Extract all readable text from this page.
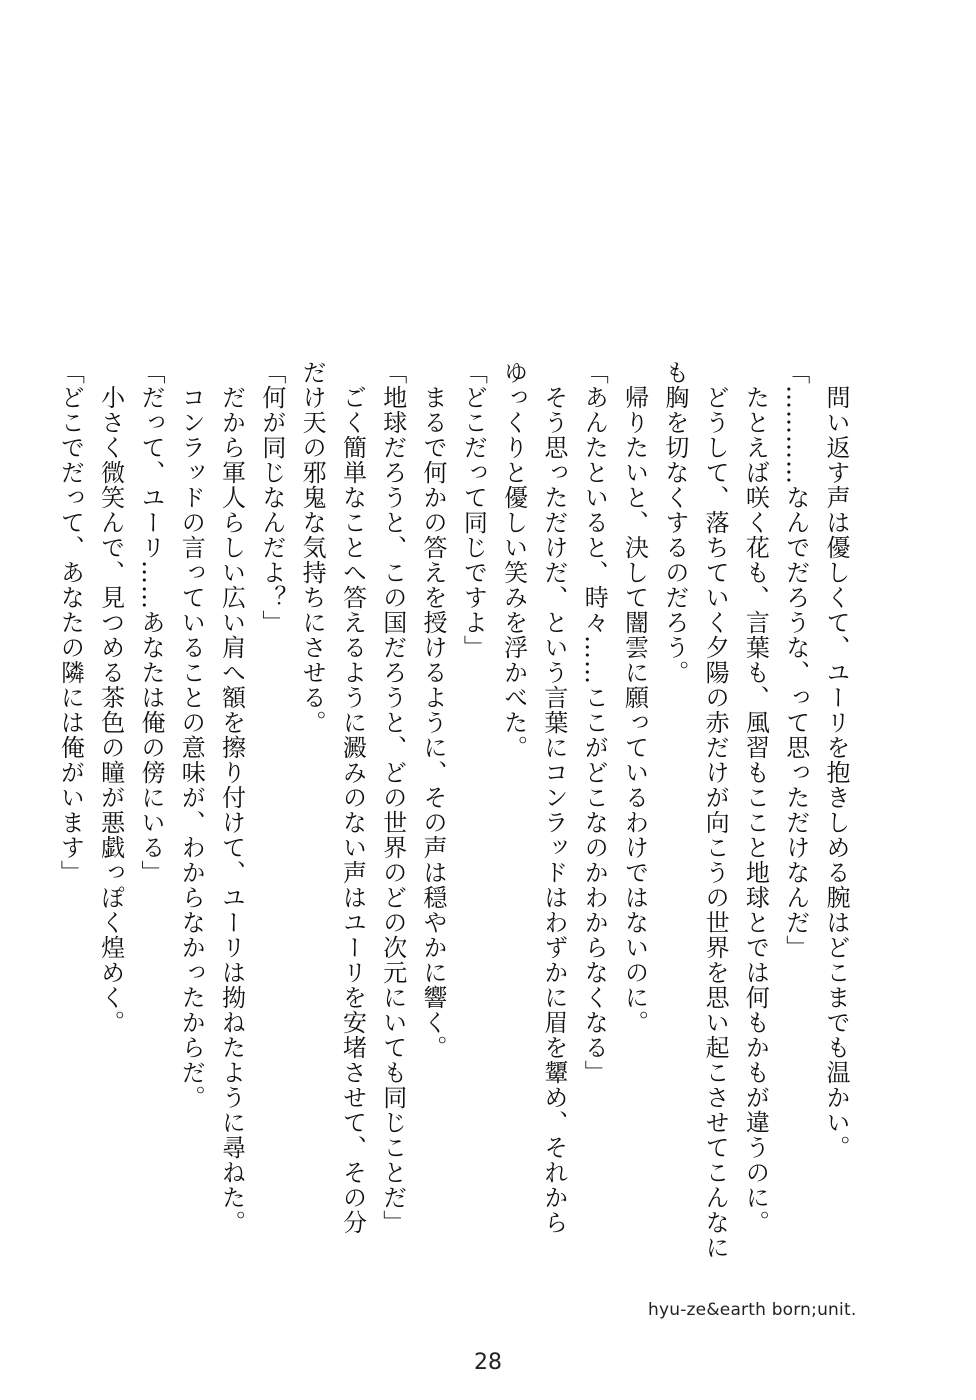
　問い返す声は優しくて、ユーリを抱きしめる腕はどこまでも温かい。
「…………なんでだろうな、って思っただけなんだ」
　たとえば咲く花も、言葉も、風習もここと地球とでは何もかもが違うのに。
　どうして、落ちていく夕陽の赤だけが向こうの世界を思い起こさせてこんなに
も胸を切なくするのだろう。
　帰りたいと、決して闇雲に願っているわけではないのに。
「あんたといると、時々……ここがどこなのかわからなくなる」
　そう思っただけだ、という言葉にコンラッドはわずかに眉を顰め、それから
ゆっくりと優しい笑みを浮かべた。
「どこだって同じですよ」
　まるで何かの答えを授けるように、その声は穏やかに響く。
「地球だろうと、この国だろうと、どの世界のどの次元にいても同じことだ」
　ごく簡単なことへ答えるように澱みのない声はユーリを安堵させて、その分
だけ天の邪鬼な気持ちにさせる。
「何が同じなんだよ？」
　だから軍人らしい広い肩へ額を擦り付けて、ユーリは拗ねたように尋ねた。
　コンラッドの言っていることの意味が、わからなかったからだ。
「だって、ユーリ……あなたは俺の傍にいる」
　小さく微笑んで、見つめる茶色の瞳が悪戯っぽく煌めく。
「どこでだって、あなたの隣には俺がいます」
hyu-ze&earth born;unit.
28
